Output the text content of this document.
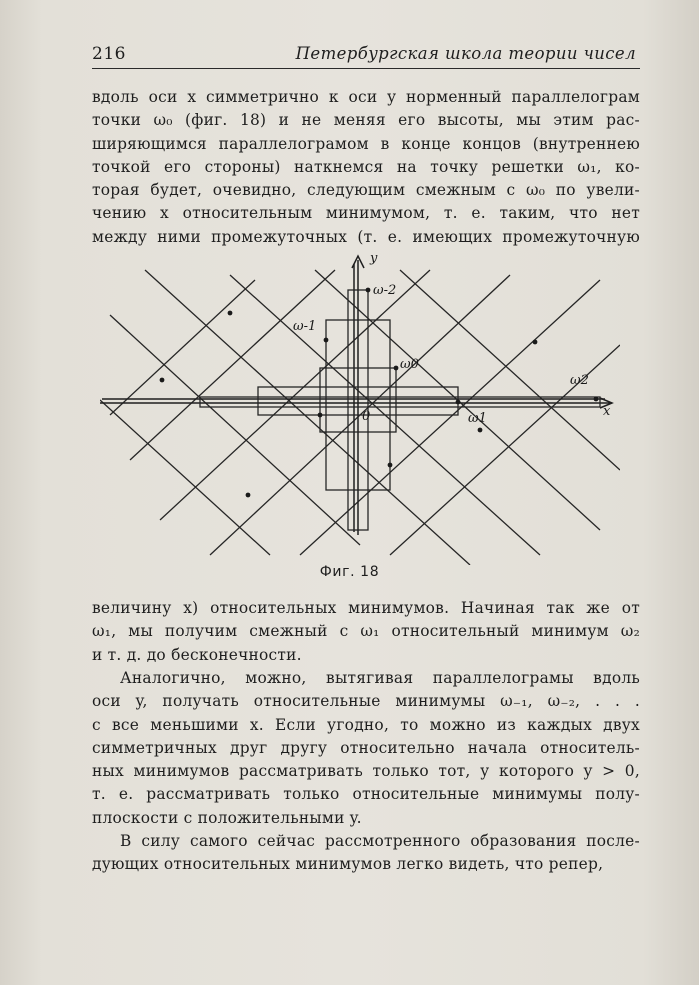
216	Петербургская школа теории чисел

вдоль оси x симметрично к оси y норменный параллелограм
точки ω₀ (фиг. 18) и не меняя его высоты, мы этим рас-
ширяющимся параллелограмом в конце концов (внутреннею
точкой его стороны) наткнемся на точку решетки ω₁, ко-
торая будет, очевидно, следующим смежным с ω₀ по увели-
чению x относительным минимумом, т. е. таким, что нет
между ними промежуточных (т. е. имеющих промежуточную

y
x
0
ω-2
ω-1
ω0
ω1
ω2
Фиг. 18

величину x) относительных минимумов. Начиная так же от
ω₁, мы получим смежный с ω₁ относительный минимум ω₂
и т. д. до бесконечности.

Аналогично, можно, вытягивая параллелограмы вдоль
оси y, получать относительные минимумы ω₋₁, ω₋₂, . . .
с все меньшими x. Если угодно, то можно из каждых двух
симметричных друг другу относительно начала относитель-
ных минимумов рассматривать только тот, у которого y > 0,
т. е. рассматривать только относительные минимумы полу-
плоскости с положительными y.

В силу самого сейчас рассмотренного образования после-
дующих относительных минимумов легко видеть, что репер,
